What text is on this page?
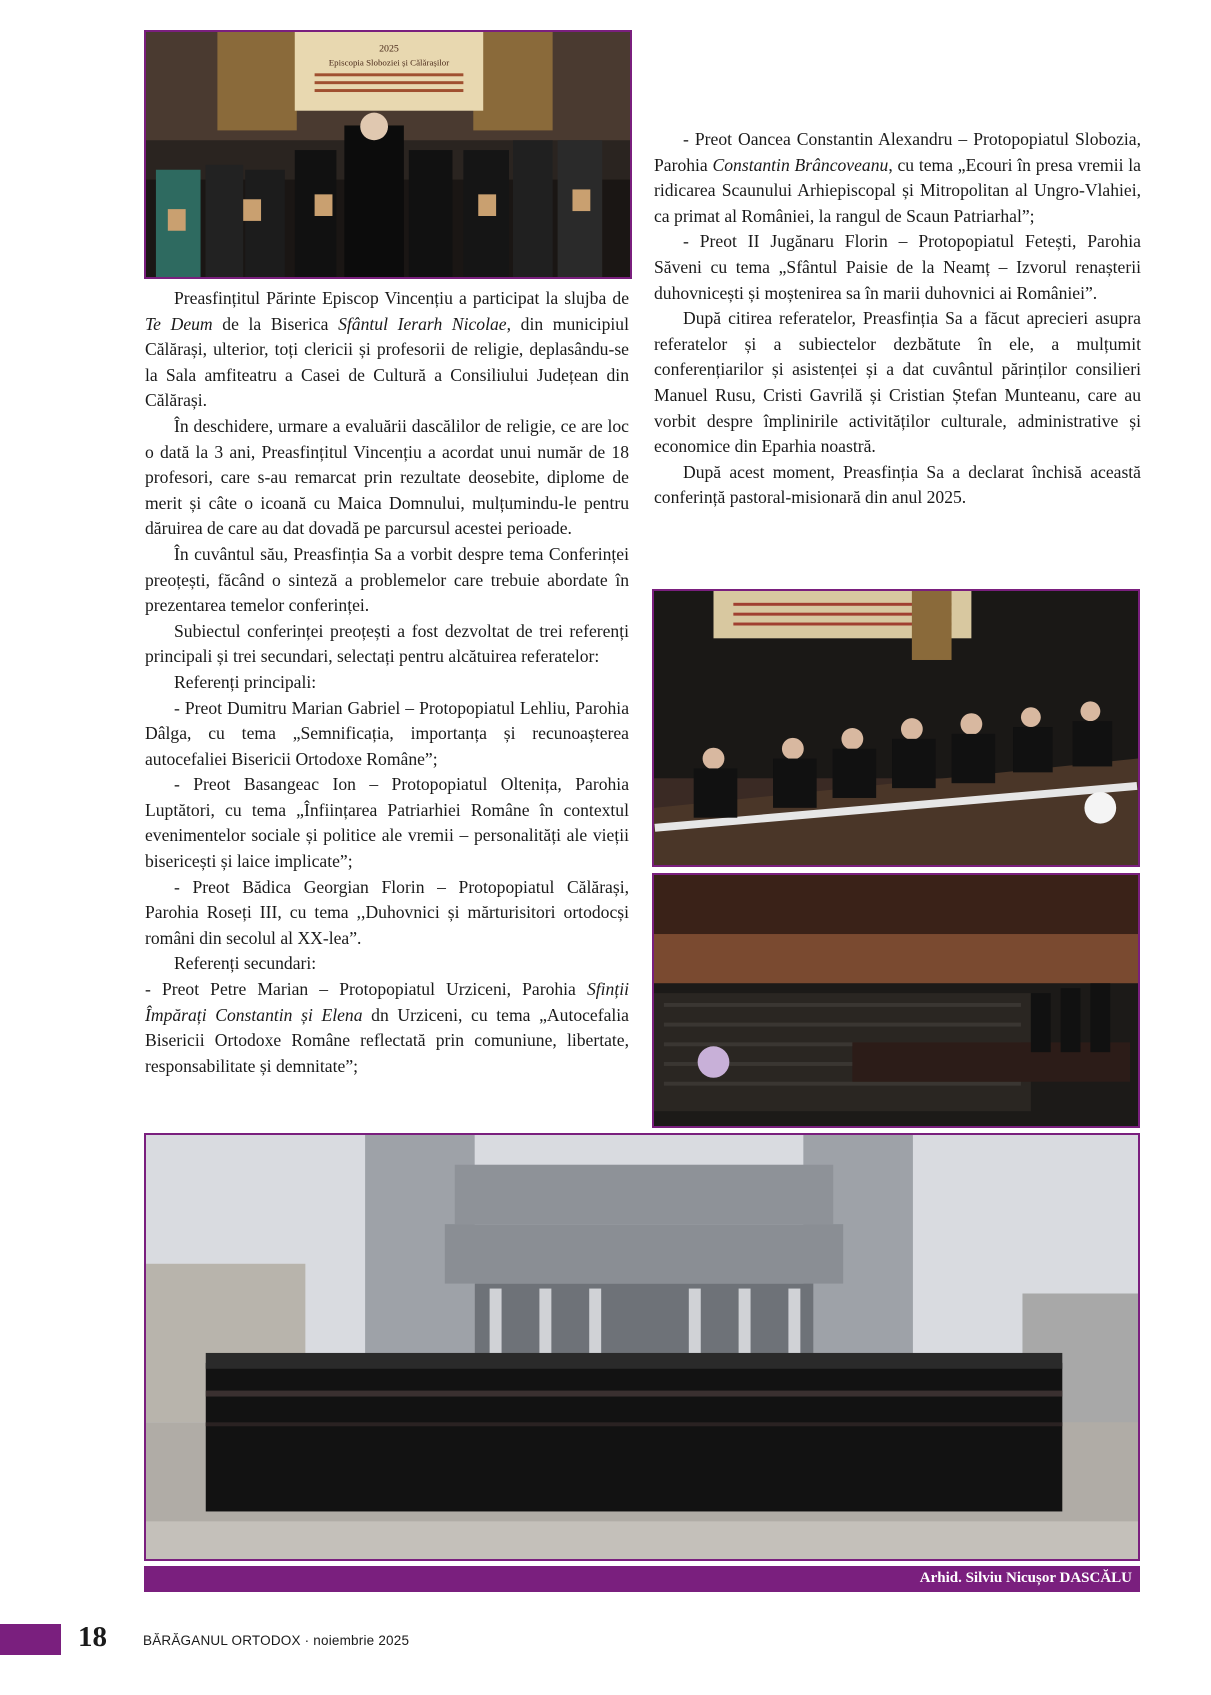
2025
Episcopia Sloboziei și Călărașilor

Preasfințitul Părinte Episcop Vincențiu a participat la slujba de Te Deum de la Biserica Sfântul Ierarh Nicolae, din municipiul Călărași, ulterior, toți clericii și profesorii de religie, deplasându-se la Sala amfiteatru a Casei de Cultură a Consiliului Județean din Călărași.

În deschidere, urmare a evaluării dascălilor de religie, ce are loc o dată la 3 ani, Preasfințitul Vincențiu a acordat unui număr de 18 profesori, care s-au remarcat prin rezultate deosebite, diplome de merit și câte o icoană cu Maica Domnului, mulțumindu-le pentru dăruirea de care au dat dovadă pe parcursul acestei perioade.

În cuvântul său, Preasfinția Sa a vorbit despre tema Conferinței preoțești, făcând o sinteză a problemelor care trebuie abordate în prezentarea temelor conferinței.

Subiectul conferinței preoțești a fost dezvoltat de trei referenți principali și trei secundari, selectați pentru alcătuirea referatelor:

Referenți principali:

- Preot Dumitru Marian Gabriel – Protopopiatul Lehliu, Parohia Dâlga, cu tema „Semnificația, importanța și recunoașterea autocefaliei Bisericii Ortodoxe Române”;

- Preot Basangeac Ion – Protopopiatul Oltenița, Parohia Luptători, cu tema „Înființarea Patriarhiei Române în contextul evenimentelor sociale și politice ale vremii – personalități ale vieții bisericești și laice implicate”;

- Preot Bădica Georgian Florin – Protopopiatul Călărași, Parohia Roseți III, cu tema ,,Duhovnici și mărturisitori ortodocși români din secolul al XX-lea”.

Referenți secundari:

- Preot Petre Marian – Protopopiatul Urziceni, Parohia Sfinții Împărați Constantin și Elena dn Urziceni, cu tema „Autocefalia Bisericii Ortodoxe Române reflectată prin comuniune, libertate, responsabilitate și demnitate”;

- Preot Oancea Constantin Alexandru – Protopopiatul Slobozia, Parohia Constantin Brâncoveanu, cu tema „Ecouri în presa vremii la ridicarea Scaunului Arhiepiscopal și Mitropolitan al Ungro-Vlahiei, ca primat al României, la rangul de Scaun Patriarhal”;

- Preot II Jugănaru Florin – Protopopiatul Fetești, Parohia Săveni cu tema „Sfântul Paisie de la Neamț – Izvorul renașterii duhovnicești și moștenirea sa în marii duhovnici ai României”.

După citirea referatelor, Preasfinția Sa a făcut aprecieri asupra referatelor și a subiectelor dezbătute în ele, a mulțumit conferențiarilor și asistenței și a dat cuvântul părinților consilieri Manuel Rusu, Cristi Gavrilă și Cristian Ștefan Munteanu, care au vorbit despre împlinirile activităților culturale, administrative și economice din Eparhia noastră.

După acest moment, Preasfinția Sa a declarat închisă această conferință pastoral-misionară din anul 2025.

Arhid. Silviu Nicușor DASCĂLU
18	BĂRĂGANUL ORTODOX · noiembrie 2025
